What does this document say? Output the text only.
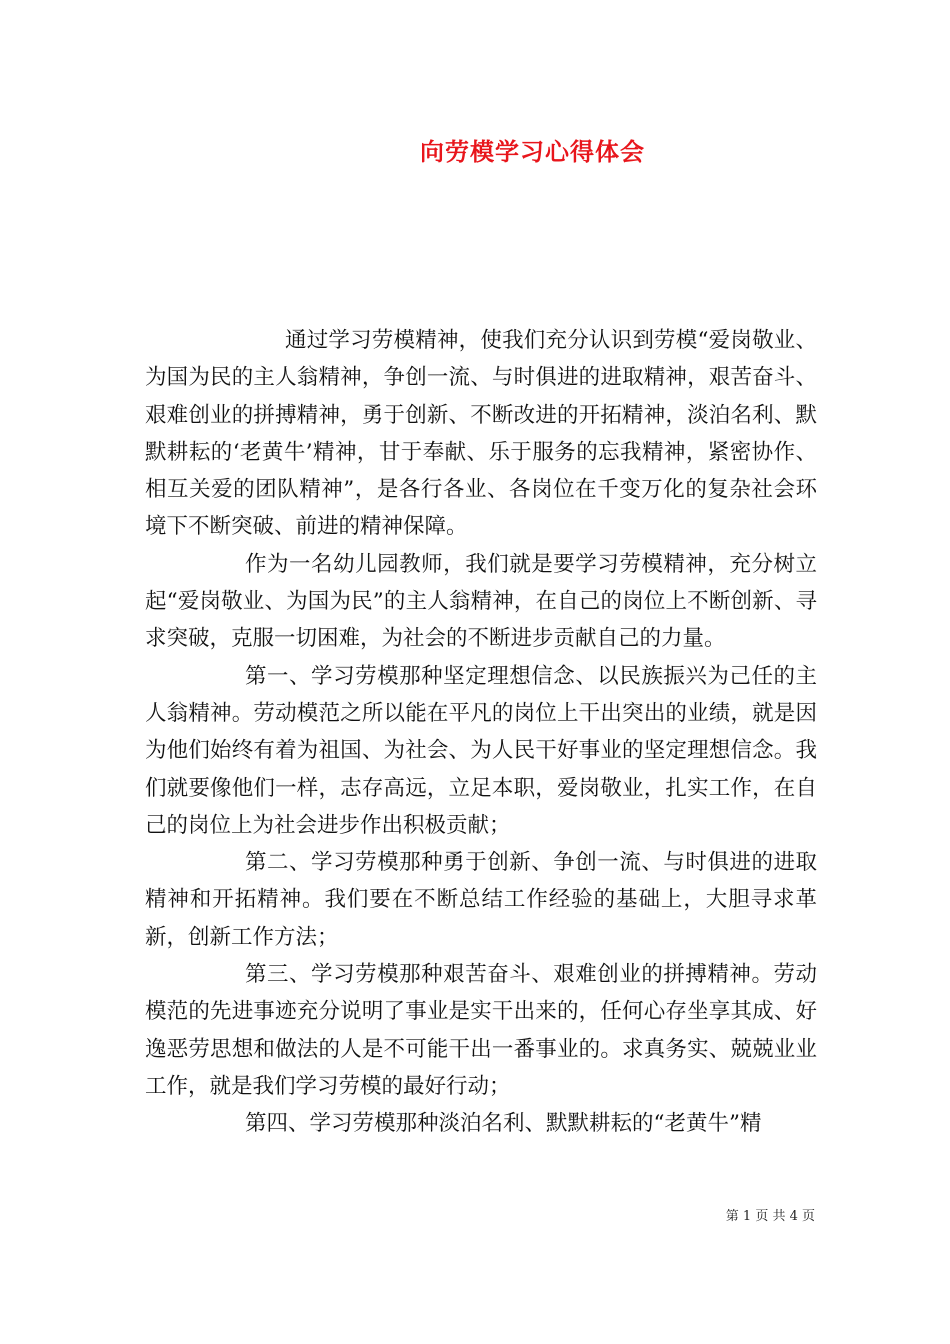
向劳模学习心得体会

通过学习劳模精神，使我们充分认识到劳模“爱岗敬业、为国为民的主人翁精神，争创一流、与时俱进的进取精神，艰苦奋斗、艰难创业的拼搏精神，勇于创新、不断改进的开拓精神，淡泊名利、默默耕耘的‘老黄牛’精神，甘于奉献、乐于服务的忘我精神，紧密协作、相互关爱的团队精神”，是各行各业、各岗位在千变万化的复杂社会环境下不断突破、前进的精神保障。

作为一名幼儿园教师，我们就是要学习劳模精神，充分树立起“爱岗敬业、为国为民”的主人翁精神，在自己的岗位上不断创新、寻求突破，克服一切困难，为社会的不断进步贡献自己的力量。

第一、学习劳模那种坚定理想信念、以民族振兴为己任的主人翁精神。劳动模范之所以能在平凡的岗位上干出突出的业绩，就是因为他们始终有着为祖国、为社会、为人民干好事业的坚定理想信念。我们就要像他们一样，志存高远，立足本职，爱岗敬业，扎实工作，在自己的岗位上为社会进步作出积极贡献；

第二、学习劳模那种勇于创新、争创一流、与时俱进的进取精神和开拓精神。我们要在不断总结工作经验的基础上，大胆寻求革新，创新工作方法；

第三、学习劳模那种艰苦奋斗、艰难创业的拼搏精神。劳动模范的先进事迹充分说明了事业是实干出来的，任何心存坐享其成、好逸恶劳思想和做法的人是不可能干出一番事业的。求真务实、兢兢业业工作，就是我们学习劳模的最好行动；

第四、学习劳模那种淡泊名利、默默耕耘的“老黄牛”精

第 1 页 共 4 页
